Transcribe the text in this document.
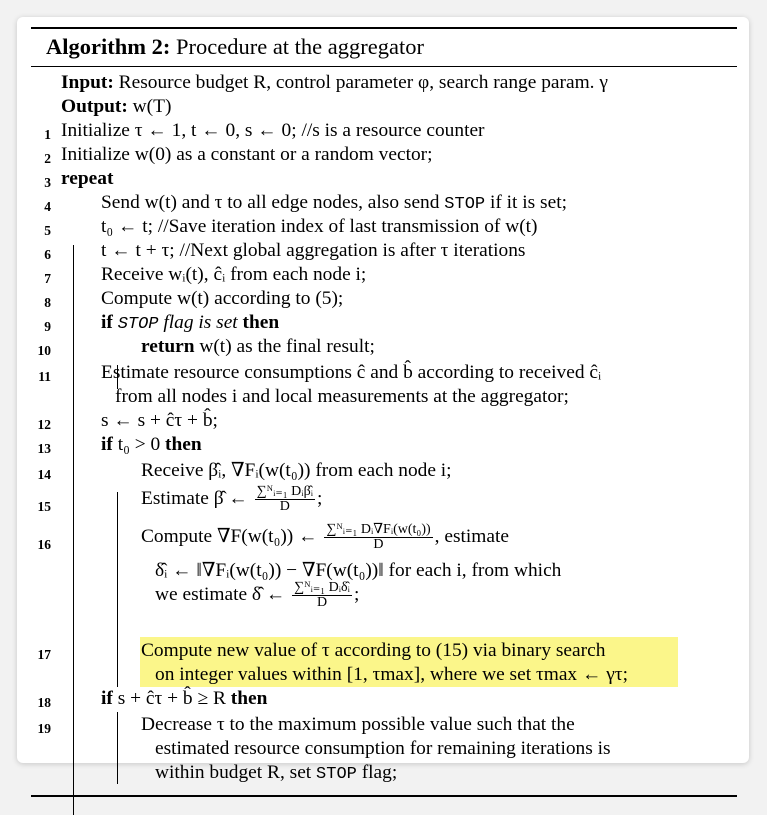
Algorithm 2: Procedure at the aggregator
Input: Resource budget R, control parameter φ, search range param. γ
Output: w(T)
1 Initialize τ ← 1, t ← 0, s ← 0; //s is a resource counter
2 Initialize w(0) as a constant or a random vector;
3 repeat
4	Send w(t) and τ to all edge nodes, also send STOP if it is set;
5	t₀ ← t; //Save iteration index of last transmission of w(t)
6	t ← t + τ; //Next global aggregation is after τ iterations
7	Receive wᵢ(t), ĉᵢ from each node i;
8	Compute w(t) according to (5);
9	if STOP flag is set then
10	return w(t) as the final result;
11	Estimate resource consumptions ĉ and b̂ according to received ĉᵢ
from all nodes i and local measurements at the aggregator;
12	s ← s + ĉτ + b̂;
13	if t₀ > 0 then
14	Receive β̂ᵢ, ∇Fᵢ(w(t₀)) from each node i;
15	Estimate β̂ ← $\frac{\text{∑ᴺᵢ₌₁ Dᵢβ̂ᵢ}}{D}$ ;
16	Compute ∇F(w(t₀)) ← $\frac{\text{∑ᴺᵢ₌₁ Dᵢ∇Fᵢ(w(t₀))}}{D}$ , estimate
δ̂ᵢ ← ‖∇Fᵢ(w(t₀)) − ∇F(w(t₀))‖ for each i, from which
we estimate δ̂ ← $\frac{\text{∑ᴺᵢ₌₁ Dᵢδ̂ᵢ}}{D}$ ;
17	Compute new value of τ according to (15) via binary search
on integer values within [1, τmax], where we set τmax ← γτ;
18	if s + ĉτ + b̂ ≥ R then
19	Decrease τ to the maximum possible value such that the
estimated resource consumption for remaining iterations is
within budget R, set STOP flag;
